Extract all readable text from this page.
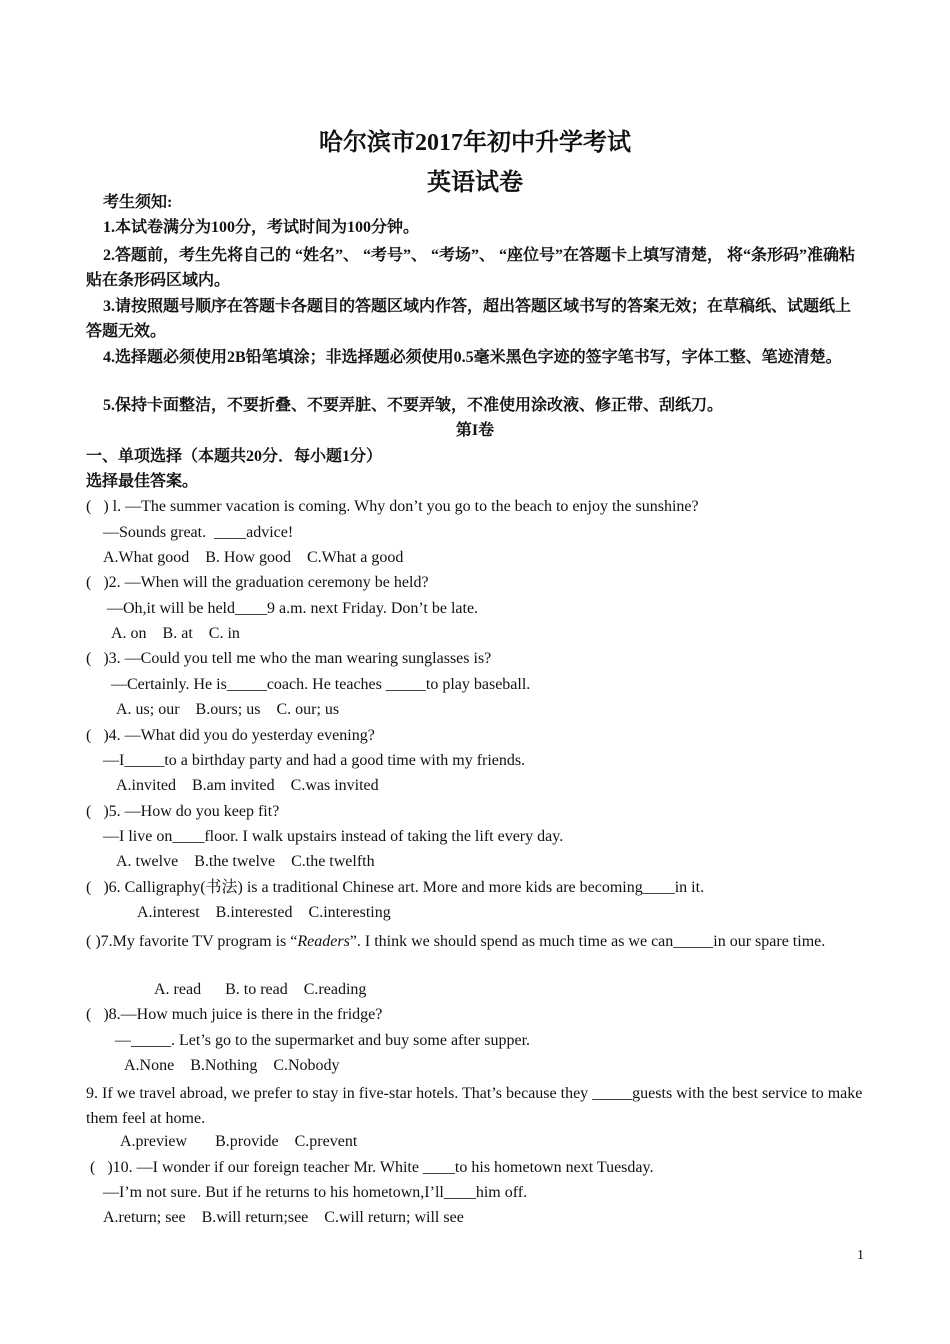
哈尔滨市2017年初中升学考试
英语试卷
考生须知:
1.本试卷满分为100分，考试时间为100分钟。
2.答题前，考生先将自己的 “姓名”、 “考号”、 “考场”、 “座位号”在答题卡上填写清楚， 将“条形码”准确粘贴在条形码区域内。
3.请按照题号顺序在答题卡各题目的答题区域内作答，超出答题区域书写的答案无效；在草稿纸、试题纸上答题无效。
4.选择题必须使用2B铅笔填涂；非选择题必须使用0.5毫米黑色字迹的签字笔书写，字体工整、笔迹清楚。
5.保持卡面整洁，不要折叠、不要弄脏、不要弄皱，不准使用涂改液、修正带、刮纸刀。
第I卷
一、单项选择（本题共20分．每小题1分）
选择最佳答案。
(   ) l. —The summer vacation is coming. Why don’t you go to the beach to enjoy the sunshine?
—Sounds great.  ____advice!
A.What good    B. How good    C.What a good
(   )2. —When will the graduation ceremony be held?
—Oh,it will be held____9 a.m. next Friday. Don’t be late.
A. on    B. at    C. in
(   )3. —Could you tell me who the man wearing sunglasses is?
—Certainly. He is_____coach. He teaches _____to play baseball.
A. us; our    B.ours; us    C. our; us
(   )4. —What did you do yesterday evening?
—I_____to a birthday party and had a good time with my friends.
A.invited    B.am invited    C.was invited
(   )5. —How do you keep fit?
—I live on____floor. I walk upstairs instead of taking the lift every day.
A. twelve    B.the twelve    C.the twelfth
(   )6. Calligraphy(书法) is a traditional Chinese art. More and more kids are becoming____in it.
A.interest    B.interested    C.interesting
( )7.My favorite TV program is “Readers”. I think we should spend as much time as we can_____in our spare time.
A. read      B. to read    C.reading
(   )8.—How much juice is there in the fridge?
—_____. Let’s go to the supermarket and buy some after supper.
A.None    B.Nothing    C.Nobody
9. If we travel abroad, we prefer to stay in five-star hotels. That’s because they _____guests with the best service to make them feel at home.
A.preview       B.provide    C.prevent
(   )10. —I wonder if our foreign teacher Mr. White ____to his hometown next Tuesday.
—I’m not sure. But if he returns to his hometown,I’ll____him off.
A.return; see    B.will return;see    C.will return; will see
1
